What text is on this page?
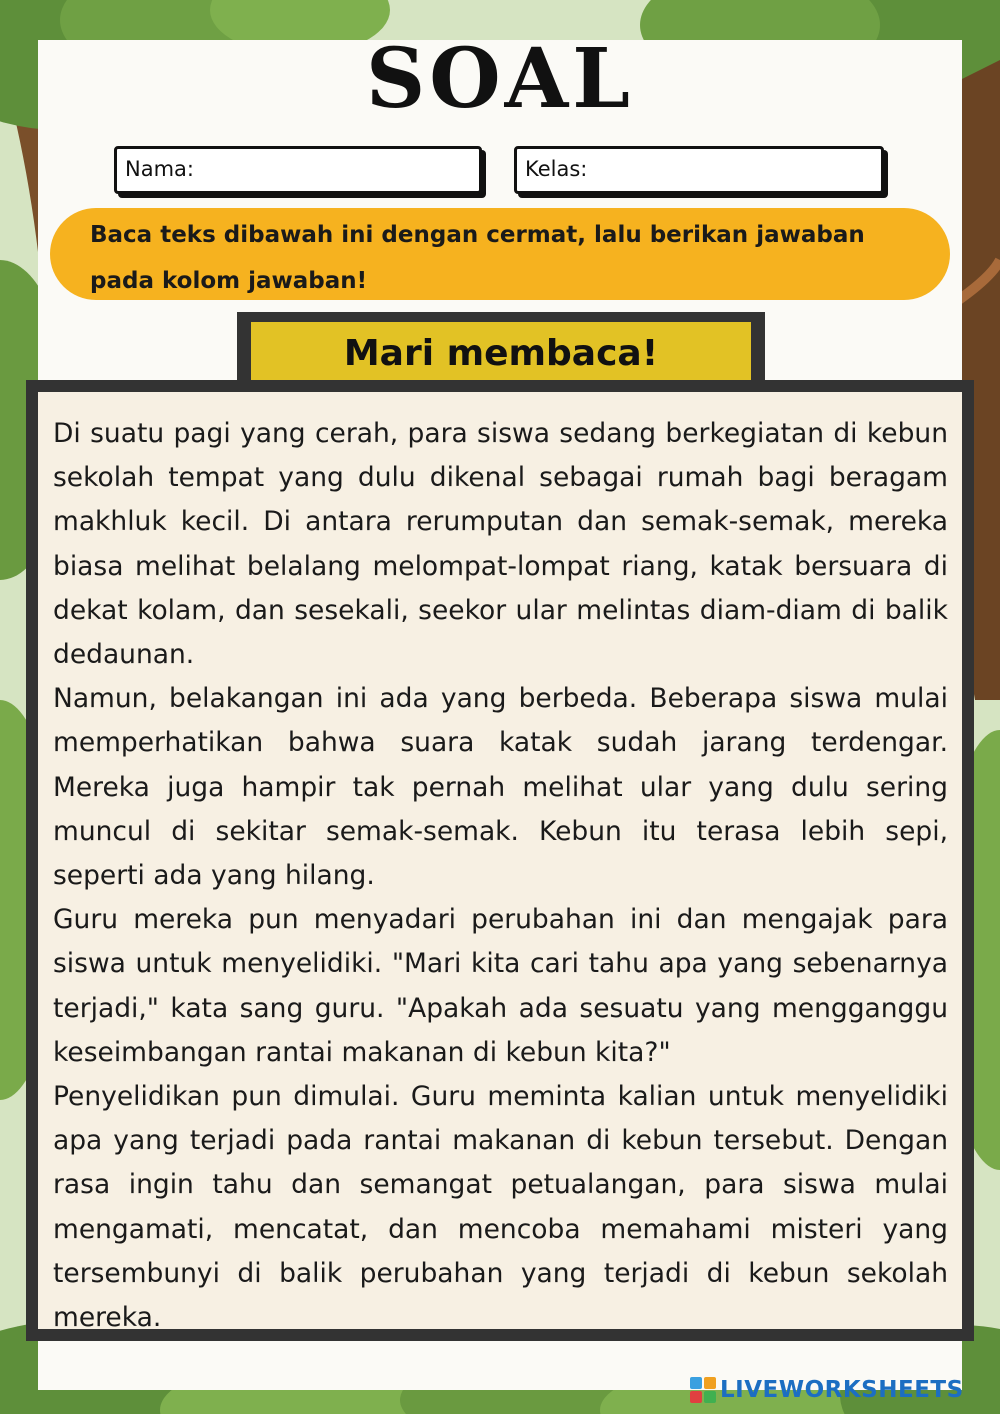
SOAL
Nama:	Kelas:
Baca teks dibawah ini dengan cermat, lalu berikan jawaban
pada kolom jawaban!
Mari membaca!

Di suatu pagi yang cerah, para siswa sedang berkegiatan di kebun sekolah tempat yang dulu dikenal sebagai rumah bagi beragam makhluk kecil. Di antara rerumputan dan semak-semak, mereka biasa melihat belalang melompat-lompat riang, katak bersuara di dekat kolam, dan sesekali, seekor ular melintas diam-diam di balik dedaunan.

Namun, belakangan ini ada yang berbeda. Beberapa siswa mulai memperhatikan bahwa suara katak sudah jarang terdengar. Mereka juga hampir tak pernah melihat ular yang dulu sering muncul di sekitar semak-semak. Kebun itu terasa lebih sepi, seperti ada yang hilang.

Guru mereka pun menyadari perubahan ini dan mengajak para siswa untuk menyelidiki. "Mari kita cari tahu apa yang sebenarnya terjadi," kata sang guru. "Apakah ada sesuatu yang mengganggu keseimbangan rantai makanan di kebun kita?"

Penyelidikan pun dimulai. Guru meminta kalian untuk menyelidiki apa yang terjadi pada rantai makanan di kebun tersebut. Dengan rasa ingin tahu dan semangat petualangan, para siswa mulai mengamati, mencatat, dan mencoba memahami misteri yang tersembunyi di balik perubahan yang terjadi di kebun sekolah mereka.

LIVEWORKSHEETS
